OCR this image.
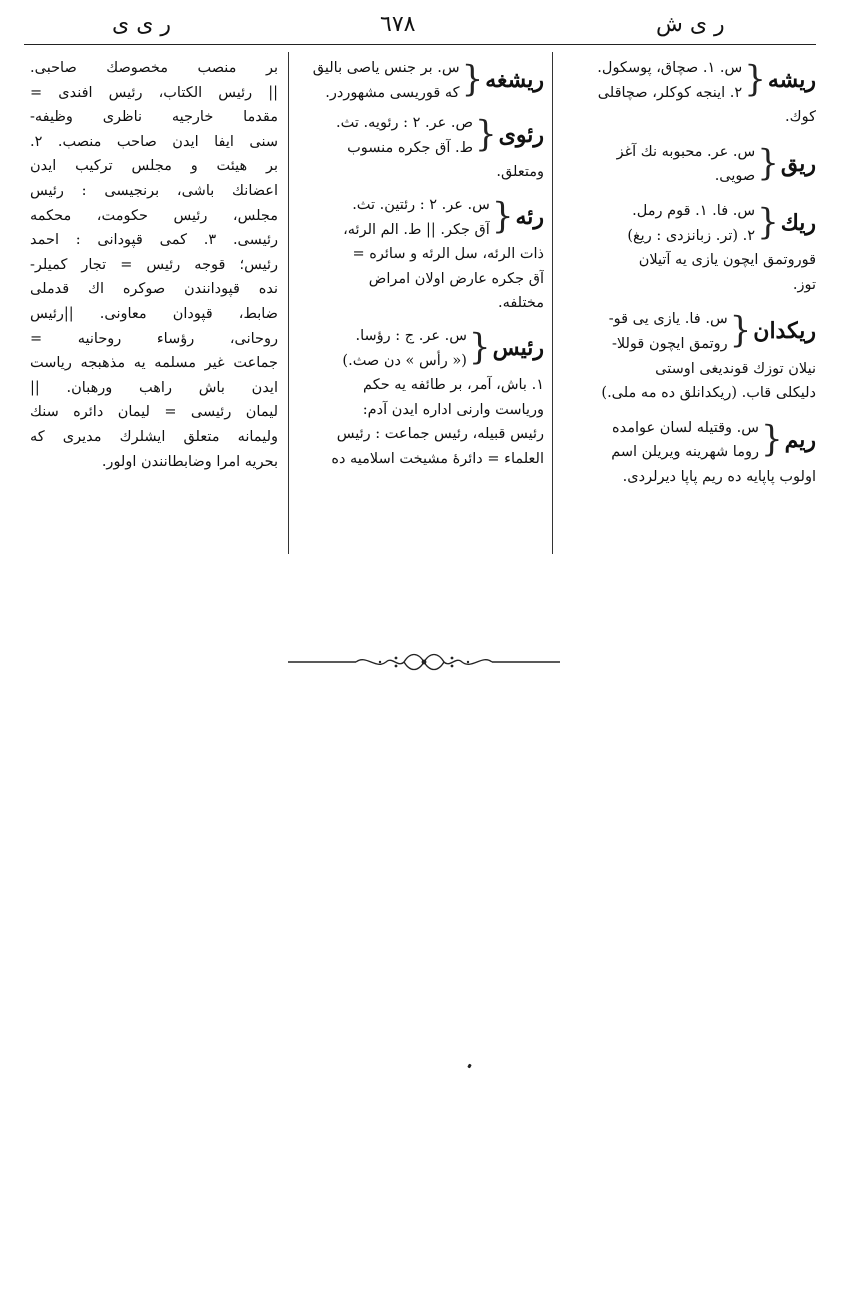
ر ى ى	٦٧٨	ر ى ش
بر منصب مخصوصك صاحبى.
|| رئيس الكتاب، رئيس افندى =
مقدما خارجيه ناظرى وظيفه-
سنى ايفا ايدن صاحب منصب. ٢.
بر هيئت و مجلس تركيب ايدن
اعضانك باشى، برنجيسى : رئيس
مجلس، رئيس حكومت، محكمه
رئيسى. ٣. كمى قپودانى : احمد
رئيس؛ قوجه رئيس = تجار كميلر-
نده قپودانندن صوكره اك قدملى
ضابط، قپودان معاونى. ||رئيس
روحانى، رؤساء روحانيه =
جماعت غير مسلمه يه مذهبجه رياست
ايدن باش راهب ورهبان. ||
ليمان رئيسى = ليمان دائره سنك
وليمانه متعلق ايشلرك مديرى كه
بحريه امرا وضابطانندن اولور.
ريشغه
{
س. بر جنس ياصى باليق
كه قوريسى مشهوردر.
رئوى
{
ص. عر. ٢ : رئويه. تث.
ط. آق جكره منسوب
ومتعلق.
رئه
{
س. عر. ٢ : رئتين. تث.
آق جكر. || ط. الم الرئه،
ذات الرئه، سل الرئه و سائره =
آق جكره عارض اولان امراض
مختلفه.
رئيس
{
س. عر. ج : رؤسا.
(« رأس » دن صث.)
١. باش، آمر، بر طائفه يه حكم
ورياست وارنى اداره ايدن آدم:
رئيس قبيله، رئيس جماعت : رئيس
العلماء = دائرۀ مشيخت اسلاميه ده
ريشه
{
س. ١. صچاق، پوسكول.
٢. اينجه كوكلر، صچاقلى
كوك.
ريق
{
س. عر. محبوبه نك آغز
صويى.
ريك
{
س. فا. ١. قوم رمل.
٢. (تر. زبانزدى : ريغ)
قوروتمق ايچون يازى يه آتيلان
توز.
ريكدان
{
س. فا. يازى يى قو-
روتمق ايچون قوللا-
نيلان توزك قونديغى اوستى
دليكلى قاب. (ريكدانلق ده مه ملى.)
ريم
{
س. وقتيله لسان عوامده
روما شهرينه ويريلن اسم
اولوب پاپايه ده ريم پاپا ديرلردى.
